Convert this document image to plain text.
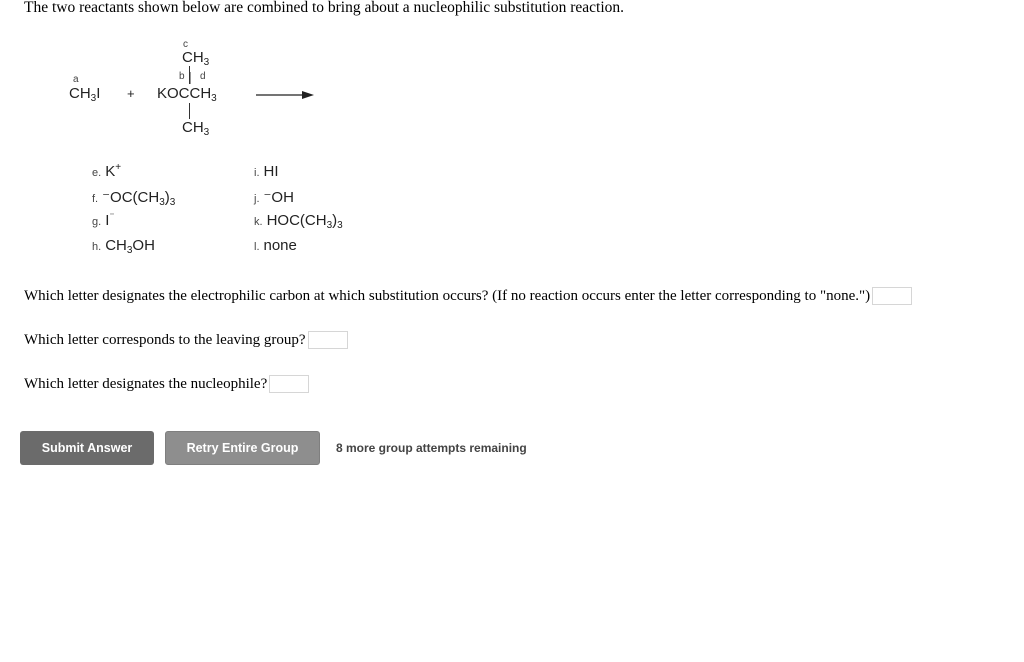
The two reactants shown below are combined to bring about a nucleophilic substitution reaction.
a
$CH_3I$ +
c
$CH_3$
b d
$KOCCH_3$
$CH_3$
e. K+
f. $^-OC(CH_3)_3$
g. I⁻
h. $CH_3OH$
i. HI
j. ⁻OH
k. $HOC(CH_3)_3$
l. none
Which letter designates the electrophilic carbon at which substitution occurs? (If no reaction occurs enter the letter corresponding to "none.")
Which letter corresponds to the leaving group?
Which letter designates the nucleophile?
Submit Answer	Retry Entire Group	8 more group attempts remaining
